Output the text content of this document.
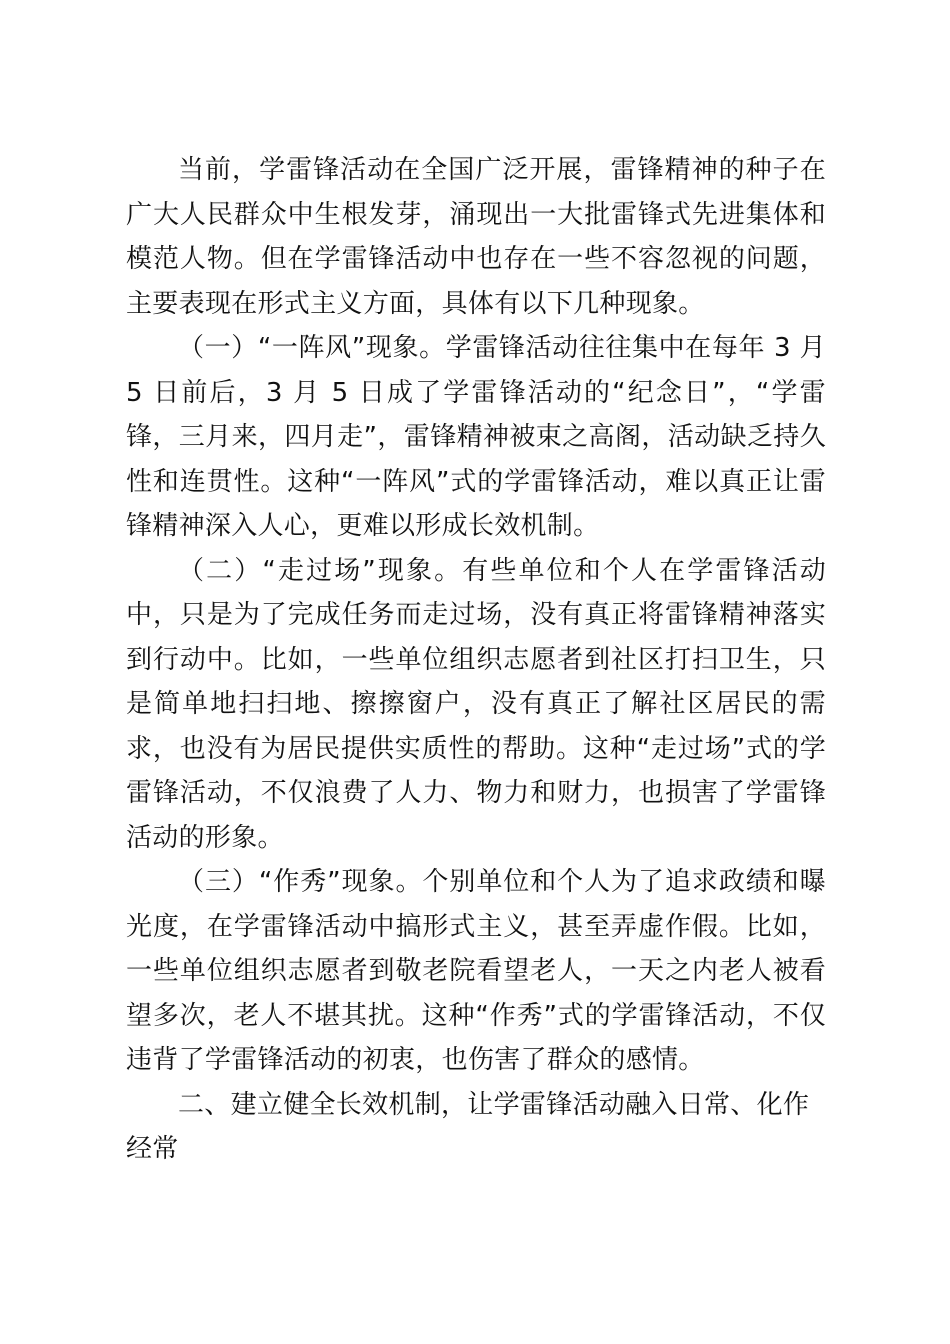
当前，学雷锋活动在全国广泛开展，雷锋精神的种子在广大人民群众中生根发芽，涌现出一大批雷锋式先进集体和模范人物。但在学雷锋活动中也存在一些不容忽视的问题，主要表现在形式主义方面，具体有以下几种现象。

（一）“一阵风”现象。学雷锋活动往往集中在每年 3 月 5 日前后，3 月 5 日成了学雷锋活动的“纪念日”，“学雷锋，三月来，四月走”，雷锋精神被束之高阁，活动缺乏持久性和连贯性。这种“一阵风”式的学雷锋活动，难以真正让雷锋精神深入人心，更难以形成长效机制。

（二）“走过场”现象。有些单位和个人在学雷锋活动中，只是为了完成任务而走过场，没有真正将雷锋精神落实到行动中。比如，一些单位组织志愿者到社区打扫卫生，只是简单地扫扫地、擦擦窗户，没有真正了解社区居民的需求，也没有为居民提供实质性的帮助。这种“走过场”式的学雷锋活动，不仅浪费了人力、物力和财力，也损害了学雷锋活动的形象。

（三）“作秀”现象。个别单位和个人为了追求政绩和曝光度，在学雷锋活动中搞形式主义，甚至弄虚作假。比如，一些单位组织志愿者到敬老院看望老人，一天之内老人被看望多次，老人不堪其扰。这种“作秀”式的学雷锋活动，不仅违背了学雷锋活动的初衷，也伤害了群众的感情。

二、建立健全长效机制，让学雷锋活动融入日常、化作经常
